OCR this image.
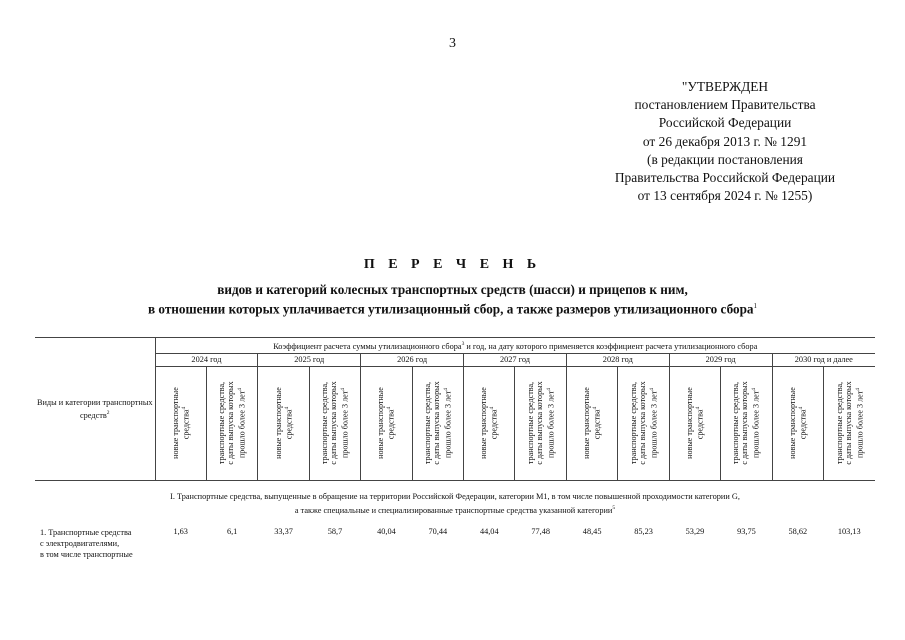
3
"УТВЕРЖДЕН
постановлением Правительства
Российской Федерации
от 26 декабря 2013 г. № 1291
(в редакции постановления
Правительства Российской Федерации
от 13 сентября 2024 г. № 1255)
П Е Р Е Ч Е Н Ь
видов и категорий колесных транспортных средств (шасси) и прицепов к ним,
в отношении которых уплачивается утилизационный сбор, а также размеров утилизационного сбора$^1$
Виды и категории транспортных средств$^2$	Коэффициент расчета суммы утилизационного сбора$^3$ и год, на дату которого применяется коэффициент расчета утилизационного сбора													
	2024 год		2025 год		2026 год		2027 год		2028 год		2029 год		2030 год и далее	

	новые транспортные средства$^4$	транспортные средства, с даты выпуска которых прошло более 3 лет$^4$	новые транспортные средства$^4$	транспортные средства, с даты выпуска которых прошло более 3 лет$^4$	новые транспортные средства$^4$	транспортные средства, с даты выпуска которых прошло более 3 лет$^4$	новые транспортные средства$^4$	транспортные средства, с даты выпуска которых прошло более 3 лет$^4$	новые транспортные средства$^4$	транспортные средства, с даты выпуска которых прошло более 3 лет$^4$	новые транспортные средства$^4$	транспортные средства, с даты выпуска которых прошло более 3 лет$^4$	новые транспортные средства$^4$	транспортные средства, с даты выпуска которых прошло более 3 лет$^4$
I. Транспортные средства, выпущенные в обращение на территории Российской Федерации, категории M1, в том числе повышенной проходимости категории G,
а также специальные и специализированные транспортные средства указанной категории$^5$
1. Транспортные средства
с электродвигателями,
в том числе транспортные
1,63	6,1	33,37	58,7	40,04	70,44	44,04	77,48	48,45	85,23	53,29	93,75	58,62	103,13
